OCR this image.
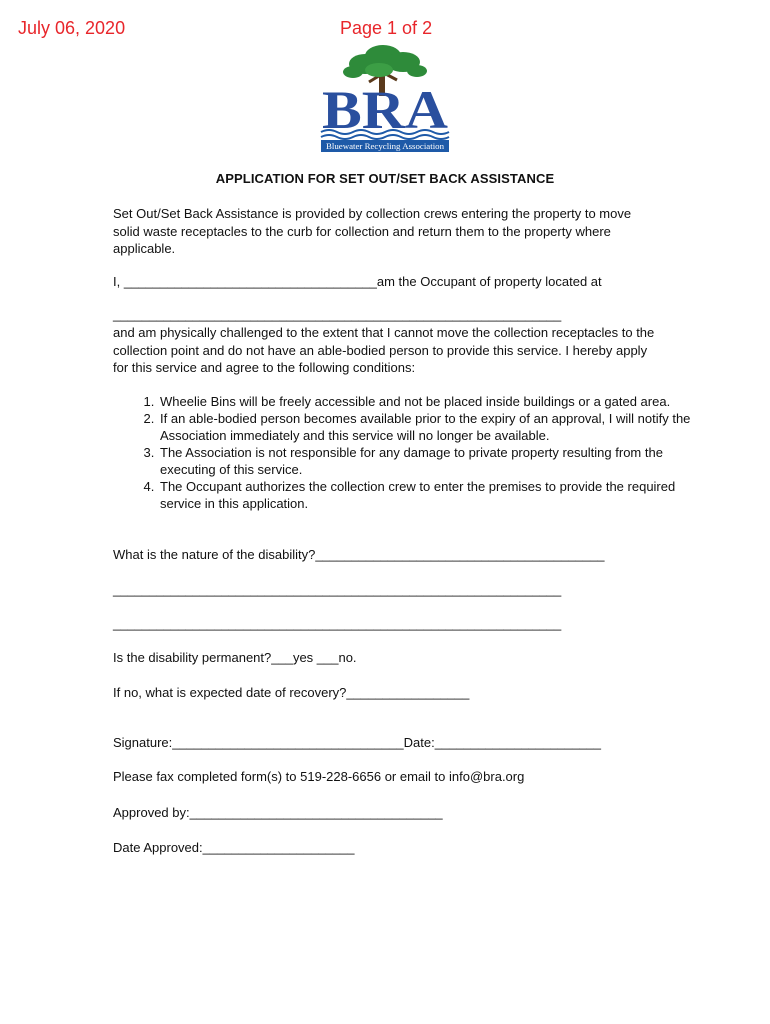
July 06, 2020	Page 1 of 2
BRA
Bluewater Recycling Association
APPLICATION FOR SET OUT/SET BACK ASSISTANCE
Set Out/Set Back Assistance is provided by collection crews entering the property to move solid waste receptacles to the curb for collection and return them to the property where applicable.
I, ___________________________________am the Occupant of property located at
______________________________________________________________
and am physically challenged to the extent that I cannot move the collection receptacles to the collection point and do not have an able-bodied person to provide this service. I hereby apply for this service and agree to the following conditions:
1. Wheelie Bins will be freely accessible and not be placed inside buildings or a gated area.
2. If an able-bodied person becomes available prior to the expiry of an approval, I will notify the Association immediately and this service will no longer be available.
3. The Association is not responsible for any damage to private property resulting from the executing of this service.
4. The Occupant authorizes the collection crew to enter the premises to provide the required service in this application.
What is the nature of the disability?________________________________________
______________________________________________________________
______________________________________________________________
Is the disability permanent?___yes ___no.
If no, what is expected date of recovery?_________________
Signature:________________________________Date:_______________________
Please fax completed form(s) to 519-228-6656 or email to info@bra.org
Approved by:___________________________________
Date Approved:_____________________
